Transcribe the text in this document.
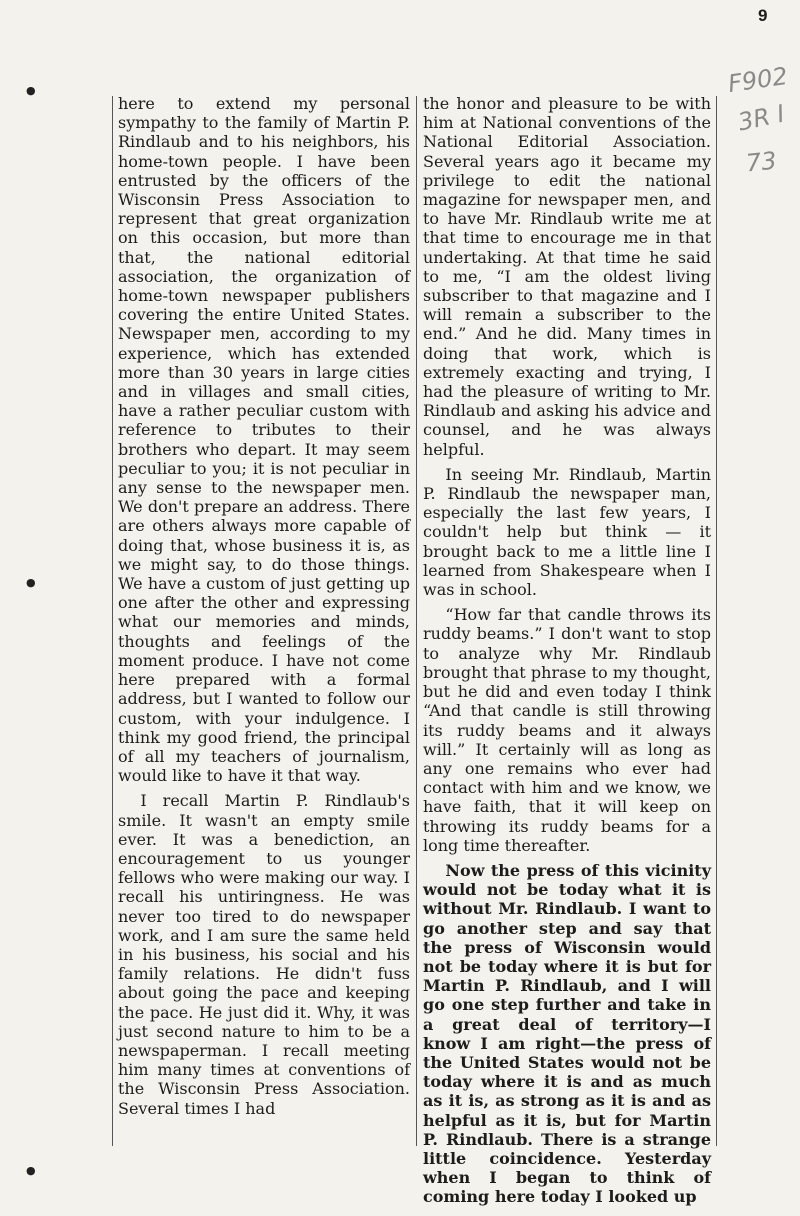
9
F902
3R I
73
●
●
●

here to extend my personal sympathy to the family of Martin P. Rindlaub and to his neighbors, his home-town people. I have been entrusted by the officers of the Wisconsin Press Association to represent that great organization on this occasion, but more than that, the national editorial association, the organization of home-town newspaper publishers covering the entire United States. Newspaper men, according to my experience, which has extended more than 30 years in large cities and in villages and small cities, have a rather peculiar custom with reference to tributes to their brothers who depart. It may seem peculiar to you; it is not peculiar in any sense to the newspaper men. We don't prepare an address. There are others always more capable of doing that, whose business it is, as we might say, to do those things. We have a custom of just getting up one after the other and expressing what our memories and minds, thoughts and feelings of the moment produce. I have not come here prepared with a formal address, but I wanted to follow our custom, with your indulgence. I think my good friend, the principal of all my teachers of journalism, would like to have it that way.

I recall Martin P. Rindlaub's smile. It wasn't an empty smile ever. It was a benediction, an encouragement to us younger fellows who were making our way. I recall his untiringness. He was never too tired to do newspaper work, and I am sure the same held in his business, his social and his family relations. He didn't fuss about going the pace and keeping the pace. He just did it. Why, it was just second nature to him to be a newspaperman. I recall meeting him many times at conventions of the Wisconsin Press Association. Several times I had

the honor and pleasure to be with him at National conventions of the National Editorial Association. Several years ago it became my privilege to edit the national magazine for newspaper men, and to have Mr. Rindlaub write me at that time to encourage me in that undertaking. At that time he said to me, “I am the oldest living subscriber to that magazine and I will remain a subscriber to the end.” And he did. Many times in doing that work, which is extremely exacting and trying, I had the pleasure of writing to Mr. Rindlaub and asking his advice and counsel, and he was always helpful.

In seeing Mr. Rindlaub, Martin P. Rindlaub the newspaper man, especially the last few years, I couldn't help but think — it brought back to me a little line I learned from Shakespeare when I was in school.

“How far that candle throws its ruddy beams.” I don't want to stop to analyze why Mr. Rindlaub brought that phrase to my thought, but he did and even today I think “And that candle is still throwing its ruddy beams and it always will.” It certainly will as long as any one remains who ever had contact with him and we know, we have faith, that it will keep on throwing its ruddy beams for a long time thereafter.

Now the press of this vicinity would not be today what it is without Mr. Rindlaub. I want to go another step and say that the press of Wisconsin would not be today where it is but for Martin P. Rindlaub, and I will go one step further and take in a great deal of territory—I know I am right—the press of the United States would not be today where it is and as much as it is, as strong as it is and as helpful as it is, but for Martin P. Rindlaub. There is a strange little coincidence. Yesterday when I began to think of coming here today I looked up
